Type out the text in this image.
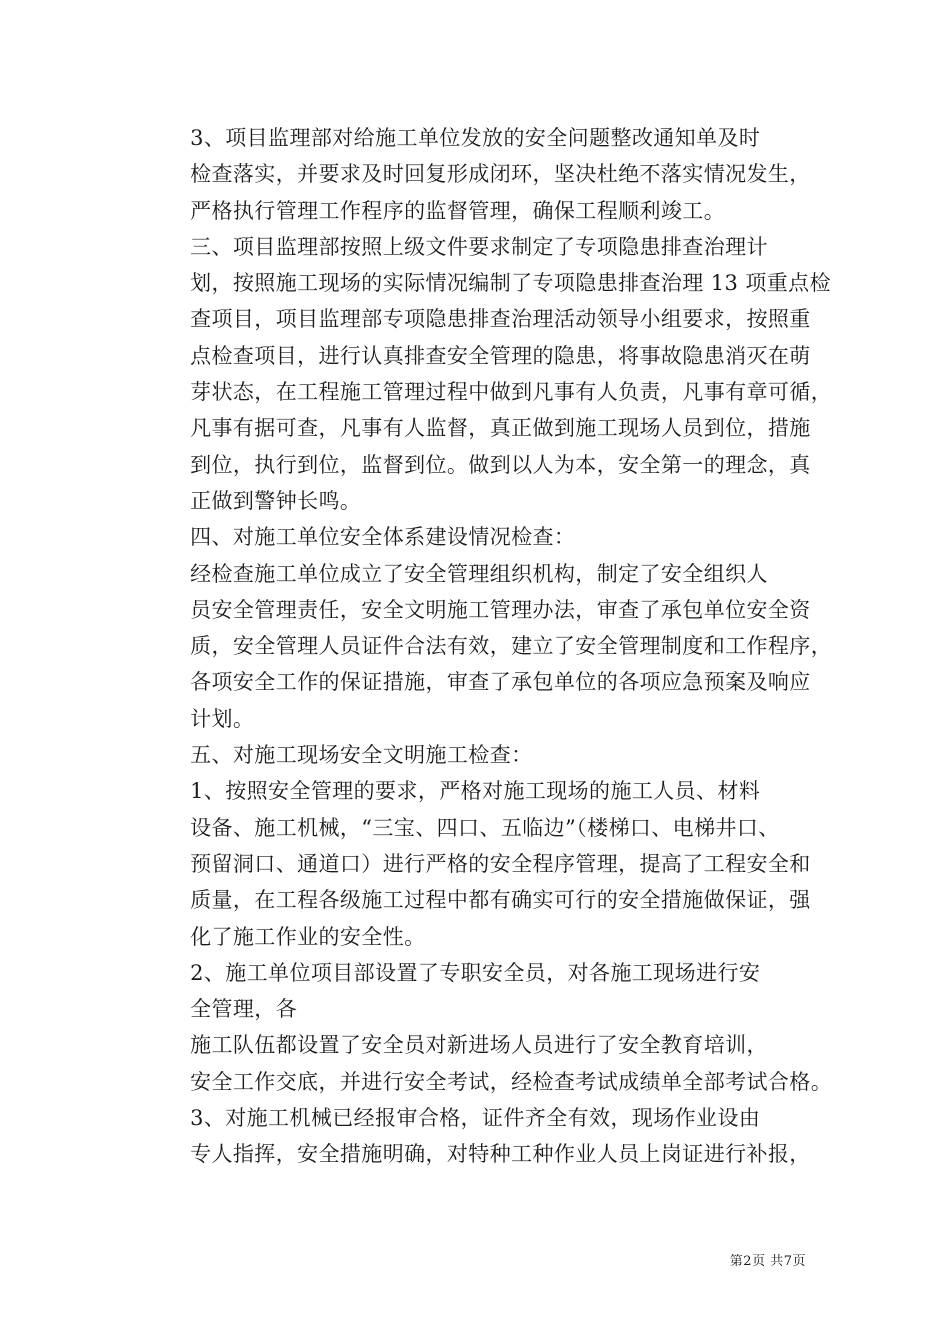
3、项目监理部对给施工单位发放的安全问题整改通知单及时
检查落实，并要求及时回复形成闭环，坚决杜绝不落实情况发生，
严格执行管理工作程序的监督管理，确保工程顺利竣工。

三、项目监理部按照上级文件要求制定了专项隐患排查治理计
划，按照施工现场的实际情况编制了专项隐患排查治理 13 项重点检
查项目，项目监理部专项隐患排查治理活动领导小组要求，按照重
点检查项目，进行认真排查安全管理的隐患，将事故隐患消灭在萌
芽状态，在工程施工管理过程中做到凡事有人负责，凡事有章可循，
凡事有据可查，凡事有人监督，真正做到施工现场人员到位，措施
到位，执行到位，监督到位。做到以人为本，安全第一的理念，真
正做到警钟长鸣。

四、对施工单位安全体系建设情况检查：

经检查施工单位成立了安全管理组织机构，制定了安全组织人
员安全管理责任，安全文明施工管理办法，审查了承包单位安全资
质，安全管理人员证件合法有效，建立了安全管理制度和工作程序，
各项安全工作的保证措施，审查了承包单位的各项应急预案及响应
计划。

五、对施工现场安全文明施工检查：

1、按照安全管理的要求，严格对施工现场的施工人员、材料
设备、施工机械，“三宝、四口、五临边”（楼梯口、电梯井口、
预留洞口、通道口）进行严格的安全程序管理，提高了工程安全和
质量，在工程各级施工过程中都有确实可行的安全措施做保证，强
化了施工作业的安全性。

2、施工单位项目部设置了专职安全员，对各施工现场进行安
全管理，各

施工队伍都设置了安全员对新进场人员进行了安全教育培训，
安全工作交底，并进行安全考试，经检查考试成绩单全部考试合格。

3、对施工机械已经报审合格，证件齐全有效，现场作业设由
专人指挥，安全措施明确，对特种工种作业人员上岗证进行补报，

第2页 共7页
